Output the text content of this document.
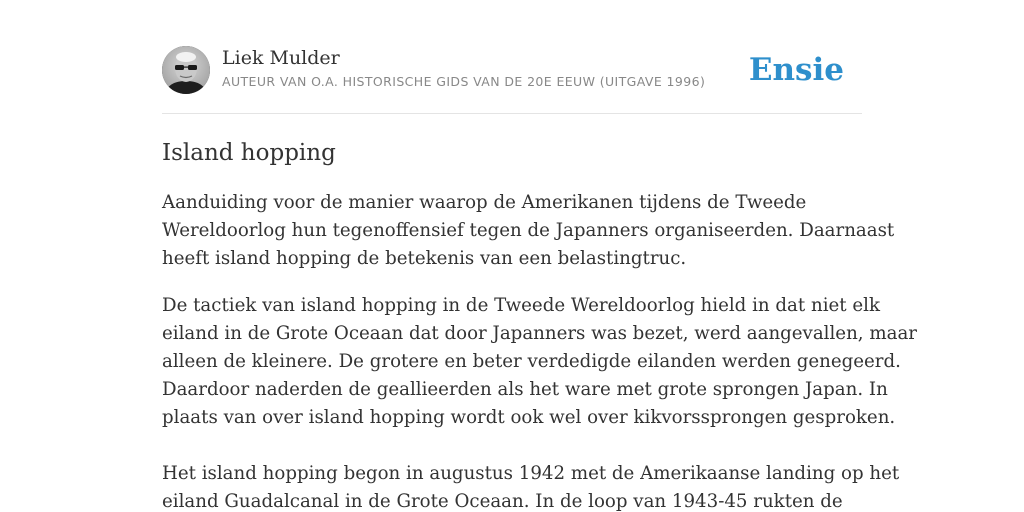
Liek Mulder
AUTEUR VAN O.A. HISTORISCHE GIDS VAN DE 20E EEUW (UITGAVE 1996) Ensie
Island hopping

Aanduiding voor de manier waarop de Amerikanen tijdens de Tweede
Wereldoorlog hun tegenoffensief tegen de Japanners organiseerden. Daarnaast
heeft island hopping de betekenis van een belastingtruc.

De tactiek van island hopping in de Tweede Wereldoorlog hield in dat niet elk
eiland in de Grote Oceaan dat door Japanners was bezet, werd aangevallen, maar
alleen de kleinere. De grotere en beter verdedigde eilanden werden genegeerd.
Daardoor naderden de geallieerden als het ware met grote sprongen Japan. In
plaats van over island hopping wordt ook wel over kikvorssprongen gesproken.

Het island hopping begon in augustus 1942 met de Amerikaanse landing op het
eiland Guadalcanal in de Grote Oceaan. In de loop van 1943-45 rukten de
